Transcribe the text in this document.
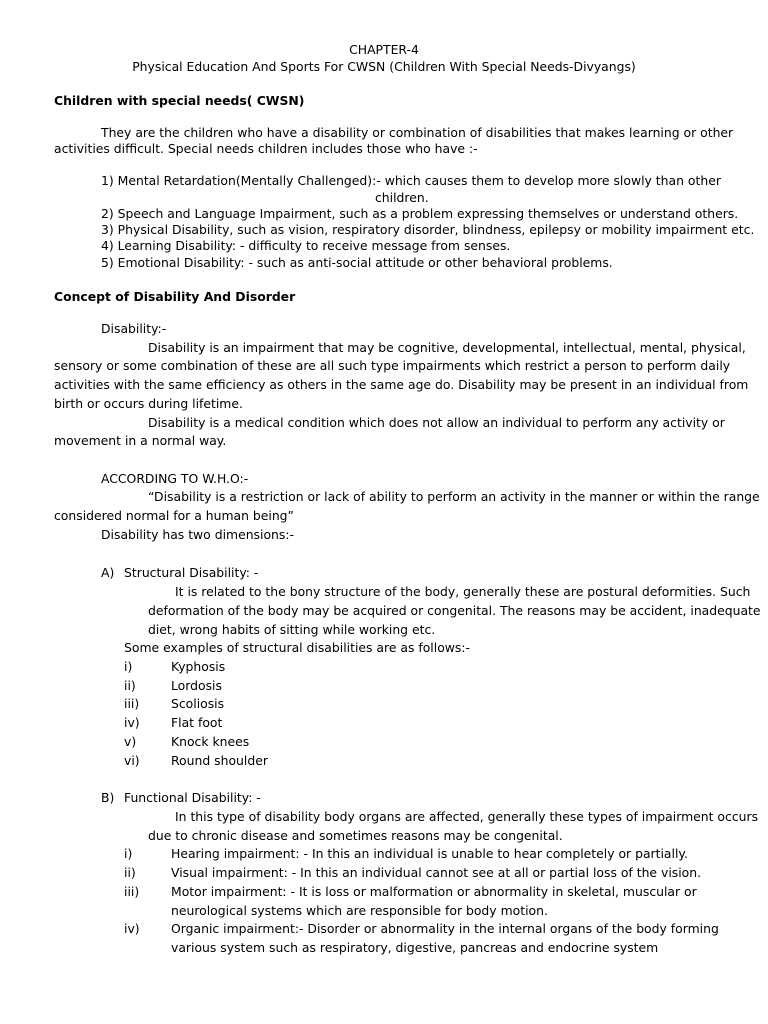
CHAPTER-4
Physical Education And Sports For CWSN (Children With Special Needs-Divyangs)
Children with special needs( CWSN)
They are the children who have a disability or combination of disabilities that makes learning or other
activities difficult. Special needs children includes those who have :-
1) Mental Retardation(Mentally Challenged):- which causes them to develop more slowly than other
children.
2) Speech and Language Impairment, such as a problem expressing themselves or understand others.
3) Physical Disability, such as vision, respiratory disorder, blindness, epilepsy or mobility impairment etc.
4) Learning Disability: - difficulty to receive message from senses.
5) Emotional Disability: - such as anti-social attitude or other behavioral problems.
Concept of Disability And Disorder
Disability:-
Disability is an impairment that may be cognitive, developmental, intellectual, mental, physical,
sensory or some combination of these are all such type impairments which restrict a person to perform daily
activities with the same efficiency as others in the same age do. Disability may be present in an individual from
birth or occurs during lifetime.
Disability is a medical condition which does not allow an individual to perform any activity or
movement in a normal way.
ACCORDING TO W.H.O:-
“Disability is a restriction or lack of ability to perform an activity in the manner or within the range
considered normal for a human being”
Disability has two dimensions:-
A) Structural Disability: -
It is related to the bony structure of the body, generally these are postural deformities. Such
deformation of the body may be acquired or congenital. The reasons may be accident, inadequate
diet, wrong habits of sitting while working etc.
Some examples of structural disabilities are as follows:-
i)	Kyphosis
ii)	Lordosis
iii)	Scoliosis
iv)	Flat foot
v)	Knock knees
vi)	Round shoulder
B) Functional Disability: -
In this type of disability body organs are affected, generally these types of impairment occurs
due to chronic disease and sometimes reasons may be congenital.
i)	Hearing impairment: - In this an individual is unable to hear completely or partially.
ii)	Visual impairment: - In this an individual cannot see at all or partial loss of the vision.
iii)	Motor impairment: - It is loss or malformation or abnormality in skeletal, muscular or
neurological systems which are responsible for body motion.
iv)	Organic impairment:- Disorder or abnormality in the internal organs of the body forming
various system such as respiratory, digestive, pancreas and endocrine system
